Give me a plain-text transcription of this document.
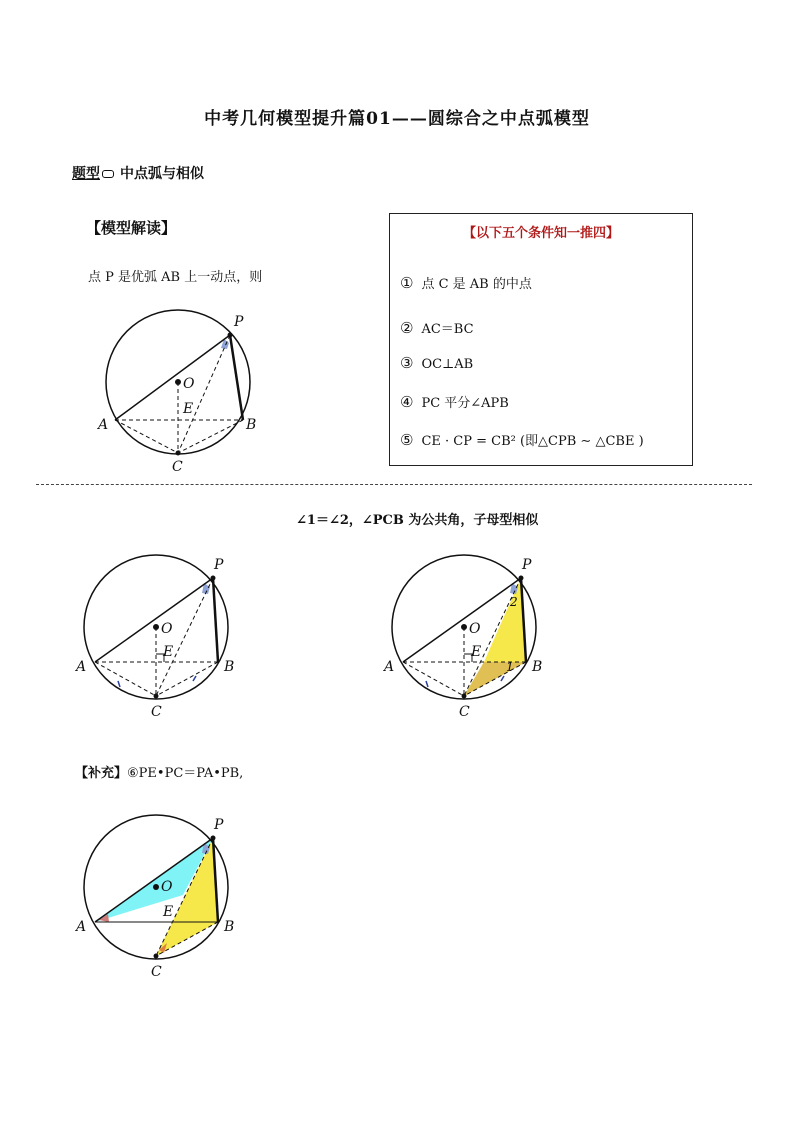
中考几何模型提升篇01——圆综合之中点弧模型
题型 中点弧与相似
【模型解读】
点 P 是优弧 AB 上一动点，则
P
O
E
A	B
C
【以下五个条件知一推四】
① 点 C 是 AB 的中点
② AC＝BC
③ OC⊥AB
④ PC 平分∠APB
⑤ CE · CP = CB² (即△CPB ∼ △CBE )
∠1＝∠2，∠PCB 为公共角，子母型相似
P
O
E
A	B
C
P
O
E
A	B
C
2
1
【补充】⑥PE•PC＝PA•PB,
P
O
E
A	B
C
